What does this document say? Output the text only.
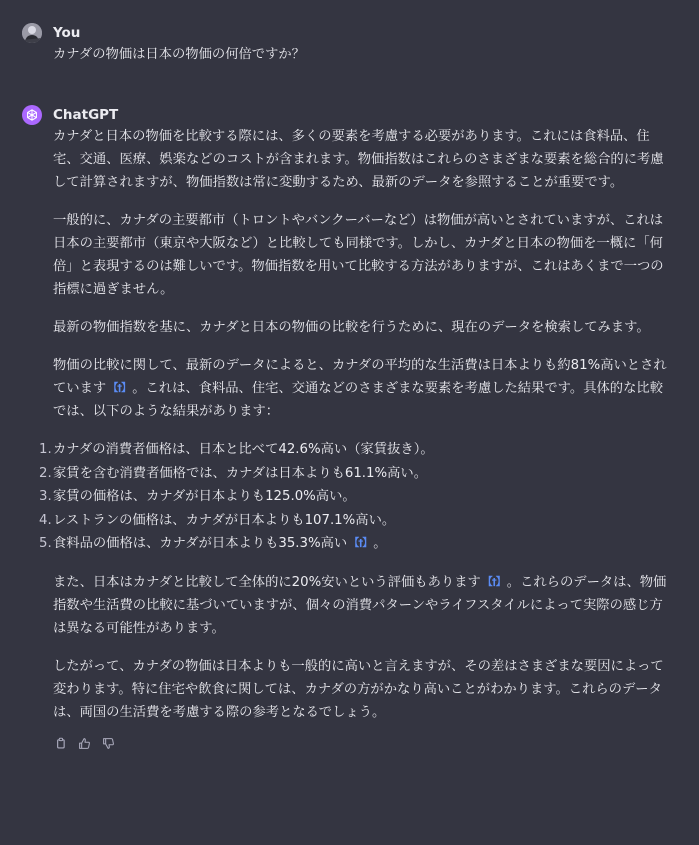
You
カナダの物価は日本の物価の何倍ですか？
ChatGPT

カナダと日本の物価を比較する際には、多くの要素を考慮する必要があります。これには食料品、住宅、交通、医療、娯楽などのコストが含まれます。物価指数はこれらのさまざまな要素を総合的に考慮して計算されますが、物価指数は常に変動するため、最新のデータを参照することが重要です。

一般的に、カナダの主要都市（トロントやバンクーバーなど）は物価が高いとされていますが、これは日本の主要都市（東京や大阪など）と比較しても同様です。しかし、カナダと日本の物価を一概に「何倍」と表現するのは難しいです。物価指数を用いて比較する方法がありますが、これはあくまで一つの指標に過ぎません。

最新の物価指数を基に、カナダと日本の物価の比較を行うために、現在のデータを検索してみます。

物価の比較に関して、最新のデータによると、カナダの平均的な生活費は日本よりも約81%高いとされています 【†】 。これは、食料品、住宅、交通などのさまざまな要素を考慮した結果です。具体的な比較では、以下のような結果があります：

1. カナダの消費者価格は、日本と比べて42.6%高い（家賃抜き）。
2. 家賃を含む消費者価格では、カナダは日本よりも61.1%高い。
3. 家賃の価格は、カナダが日本よりも125.0%高い。
4. レストランの価格は、カナダが日本よりも107.1%高い。
5. 食料品の価格は、カナダが日本よりも35.3%高い 【†】 。

また、日本はカナダと比較して全体的に20%安いという評価もあります 【†】 。これらのデータは、物価指数や生活費の比較に基づいていますが、個々の消費パターンやライフスタイルによって実際の感じ方は異なる可能性があります。

したがって、カナダの物価は日本よりも一般的に高いと言えますが、その差はさまざまな要因によって変わります。特に住宅や飲食に関しては、カナダの方がかなり高いことがわかります。これらのデータは、両国の生活費を考慮する際の参考となるでしょう。
